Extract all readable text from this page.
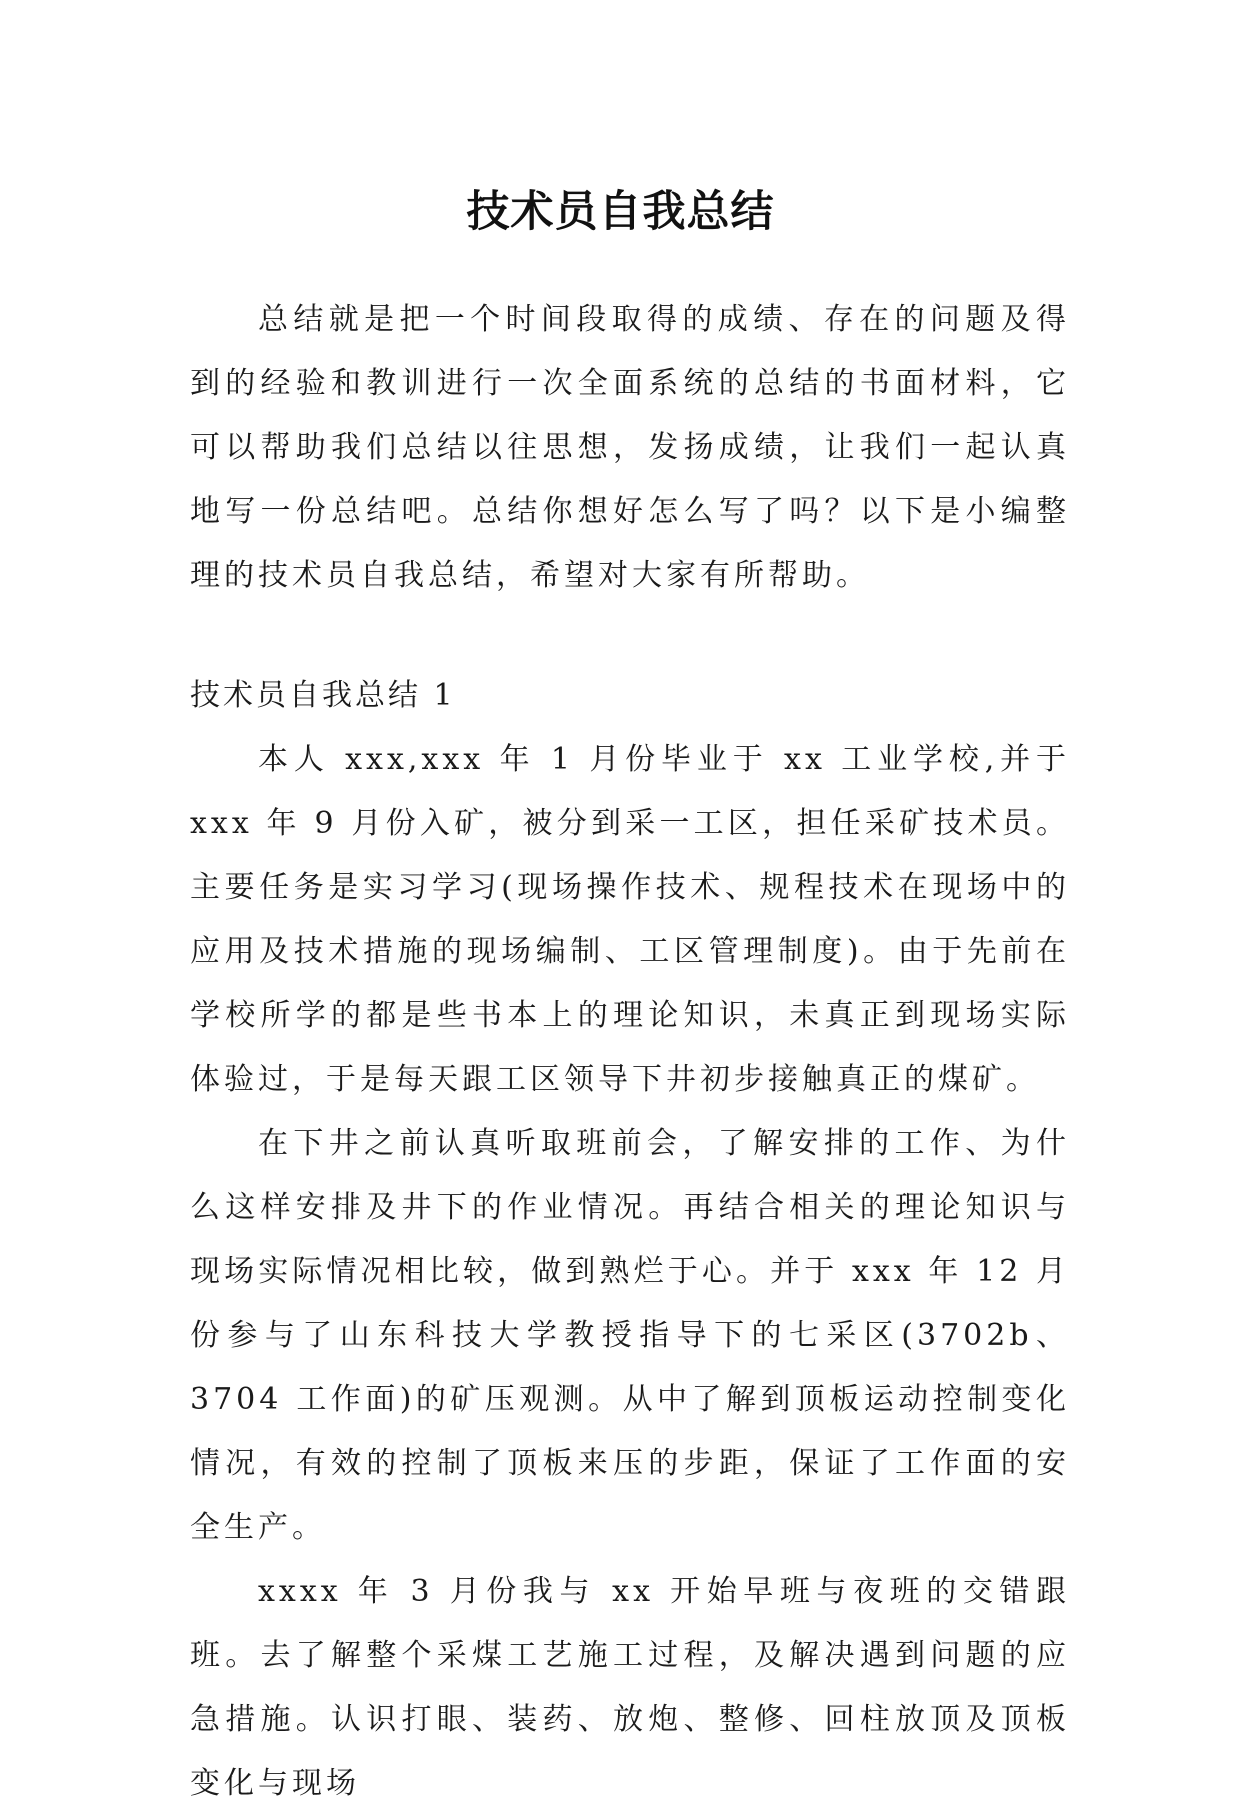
技术员自我总结

总结就是把一个时间段取得的成绩、存在的问题及得到的经验和教训进行一次全面系统的总结的书面材料，它可以帮助我们总结以往思想，发扬成绩，让我们一起认真地写一份总结吧。总结你想好怎么写了吗？以下是小编整理的技术员自我总结，希望对大家有所帮助。

技术员自我总结 1

本人 xxx,xxx 年 1 月份毕业于 xx 工业学校,并于 xxx 年 9 月份入矿，被分到采一工区，担任采矿技术员。主要任务是实习学习(现场操作技术、规程技术在现场中的应用及技术措施的现场编制、工区管理制度)。由于先前在学校所学的都是些书本上的理论知识，未真正到现场实际体验过，于是每天跟工区领导下井初步接触真正的煤矿。

在下井之前认真听取班前会，了解安排的工作、为什么这样安排及井下的作业情况。再结合相关的理论知识与现场实际情况相比较，做到熟烂于心。并于 xxx 年 12 月份参与了山东科技大学教授指导下的七采区(3702b、3704 工作面)的矿压观测。从中了解到顶板运动控制变化情况，有效的控制了顶板来压的步距，保证了工作面的安全生产。

xxxx 年 3 月份我与 xx 开始早班与夜班的交错跟班。去了解整个采煤工艺施工过程，及解决遇到问题的应急措施。认识打眼、装药、放炮、整修、回柱放顶及顶板变化与现场
